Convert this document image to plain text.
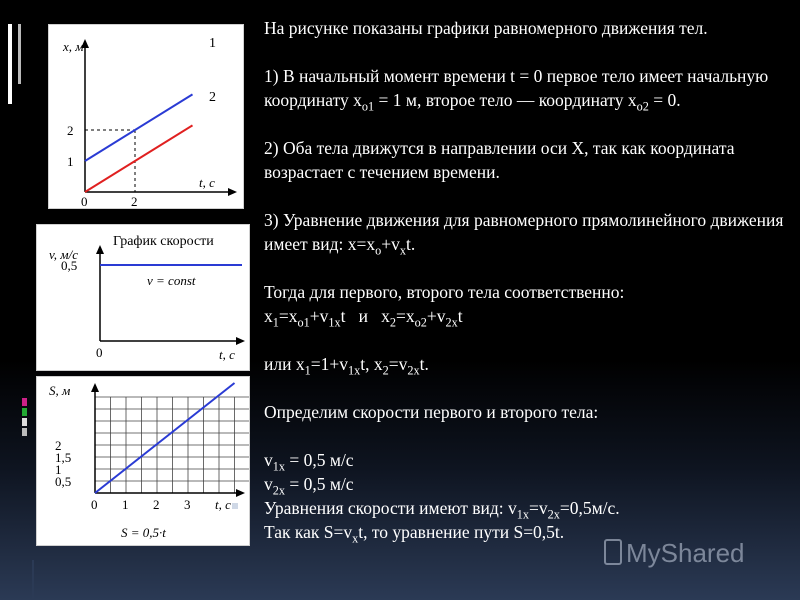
x, м
t, с
1
2
0	2
1
2
График скорости
v, м/с
t, с
0,5
0
v = const
S, м
t, с
0,5
1
1,5
2
0 1 2 3
S = 0,5·t

На рисунке показаны графики равномерного движения тел.

1) В начальный момент времени t = 0 первое тело имеет начальную координату $x_{o1} = 1$ м, второе тело — координату $x_{o2} = 0$.

2) Оба тела движутся в направлении оси X, так как координата возрастает с течением времени.

3) Уравнение движения для равномерного прямолинейного движения имеет вид: $x=x_o+v_xt$.

Тогда для первого, второго тела соответственно:

$x_1=x_{o1}+v_{1x}t$ и $x_2=x_{o2}+v_{2x}t$

или $x_1=1+v_{1x}t$, $x_2=v_{2x}t$.

Определим скорости первого и второго тела:

$v_{1x} = 0,5$ м/с

$v_{2x} = 0,5$ м/с

Уравнения скорости имеют вид: $v_{1x}=v_{2x}=0,5м/с$.

Так как $S=v_xt$, то уравнение пути S=0,5t.

MyShared
